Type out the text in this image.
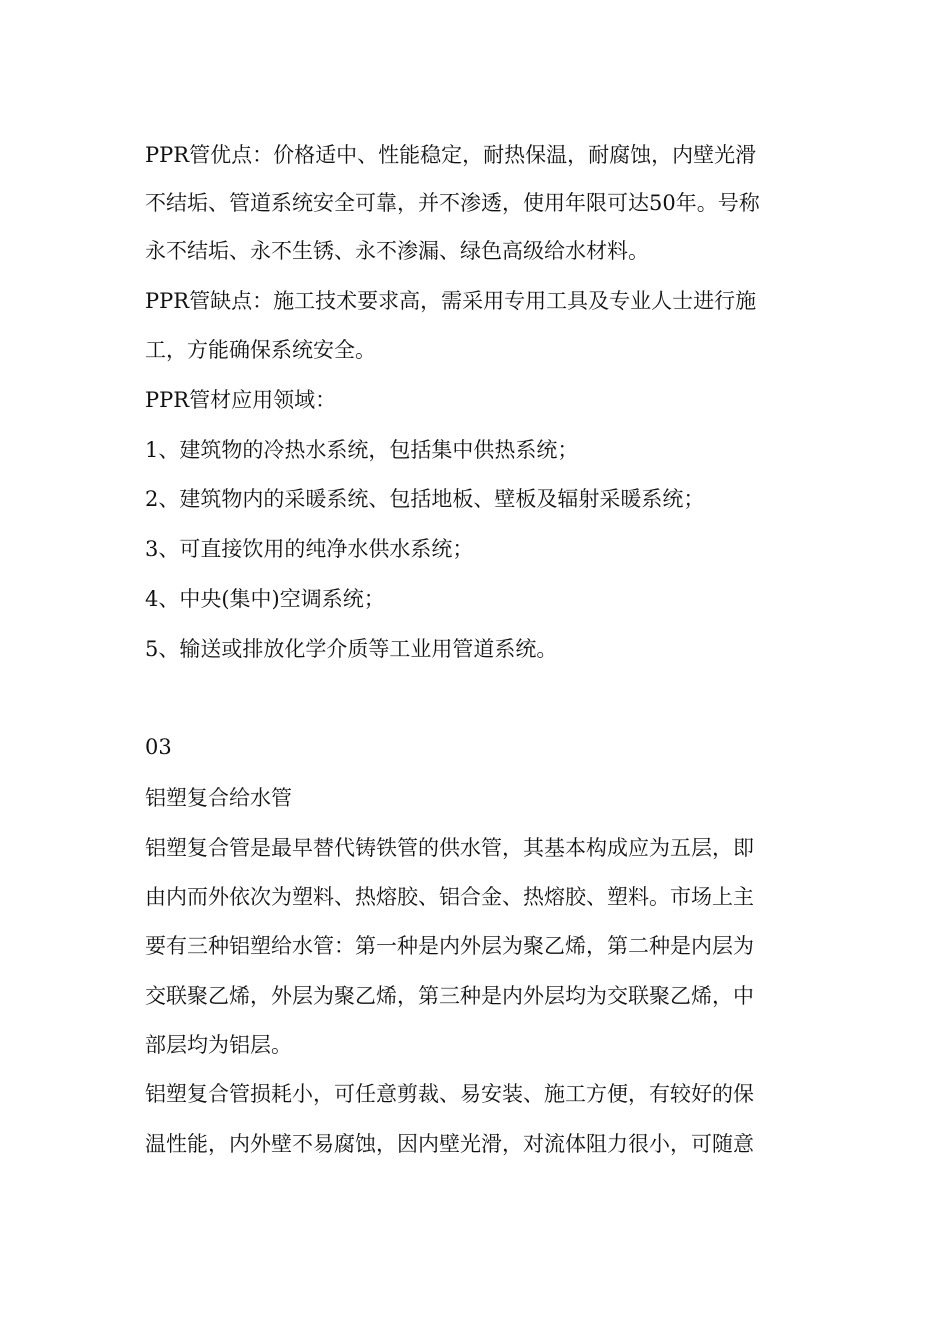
PPR管优点：价格适中、性能稳定，耐热保温，耐腐蚀，内壁光滑
不结垢、管道系统安全可靠，并不渗透，使用年限可达50年。号称
永不结垢、永不生锈、永不渗漏、绿色高级给水材料。
PPR管缺点：施工技术要求高，需采用专用工具及专业人士进行施
工，方能确保系统安全。
PPR管材应用领域：
1、建筑物的冷热水系统，包括集中供热系统；
2、建筑物内的采暖系统、包括地板、壁板及辐射采暖系统；
3、可直接饮用的纯净水供水系统；
4、中央(集中)空调系统；
5、输送或排放化学介质等工业用管道系统。
03
铝塑复合给水管
铝塑复合管是最早替代铸铁管的供水管，其基本构成应为五层，即
由内而外依次为塑料、热熔胶、铝合金、热熔胶、塑料。市场上主
要有三种铝塑给水管：第一种是内外层为聚乙烯，第二种是内层为
交联聚乙烯，外层为聚乙烯，第三种是内外层均为交联聚乙烯，中
部层均为铝层。
铝塑复合管损耗小，可任意剪裁、易安装、施工方便，有较好的保
温性能，内外壁不易腐蚀，因内壁光滑，对流体阻力很小，可随意
